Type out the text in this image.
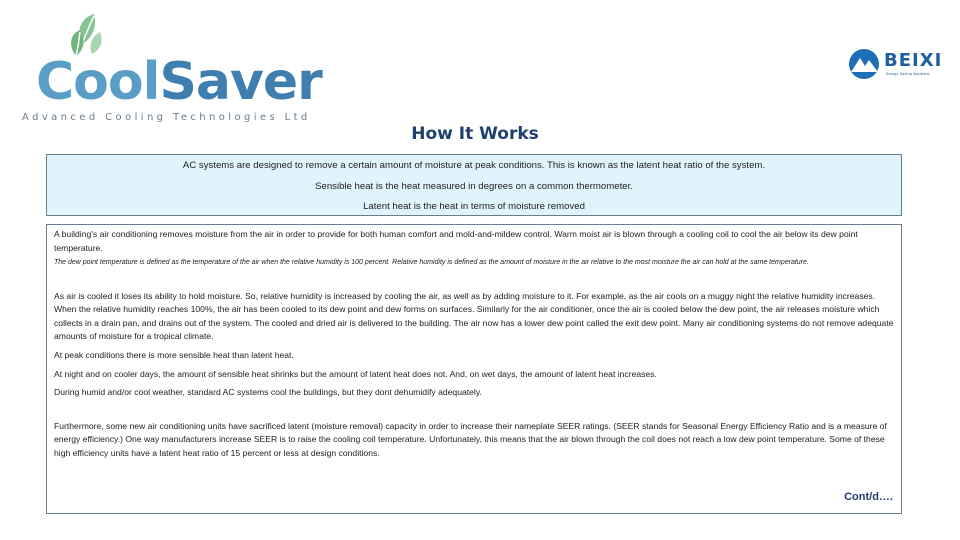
CoolSaver
Advanced Cooling Technologies Ltd
BEIXI
Energy Saving Solutions
How It Works

AC systems are designed to remove a certain amount of moisture at peak conditions. This is known as the latent heat ratio of the system.

Sensible heat is the heat measured in degrees on a common thermometer.

Latent heat is the heat in terms of moisture removed

A building's air conditioning removes moisture from the air in order to provide for both human comfort and mold-and-mildew control. Warm moist air is blown through a cooling coil to cool the air below its dew point temperature.

The dew point temperature is defined as the temperature of the air when the relative humidity is 100 percent. Relative humidity is defined as the amount of moisture in the air relative to the most moisture the air can hold at the same temperature.

As air is cooled it loses its ability to hold moisture. So, relative humidity is increased by cooling the air, as well as by adding moisture to it. For example, as the air cools on a muggy night the relative humidity increases. When the relative humidity reaches 100%, the air has been cooled to its dew point and dew forms on surfaces. Similarly for the air conditioner, once the air is cooled below the dew point, the air releases moisture which collects in a drain pan, and drains out of the system. The cooled and dried air is delivered to the building. The air now has a lower dew point called the exit dew point. Many air conditioning systems do not remove adequate amounts of moisture for a tropical climate.

At peak conditions there is more sensible heat than latent heat.

At night and on cooler days, the amount of sensible heat shrinks but the amount of latent heat does not. And, on wet days, the amount of latent heat increases.

During humid and/or cool weather, standard AC systems cool the buildings, but they dont dehumidify adequately.

Furthermore, some new air conditioning units have sacrificed latent (moisture removal) capacity in order to increase their nameplate SEER ratings. (SEER stands for Seasonal Energy Efficiency Ratio and is a measure of energy efficiency.) One way manufacturers increase SEER is to raise the cooling coil temperature. Unfortunately, this means that the air blown through the coil does not reach a low dew point temperature. Some of these high efficiency units have a latent heat ratio of 15 percent or less at design conditions.

Cont/d….
